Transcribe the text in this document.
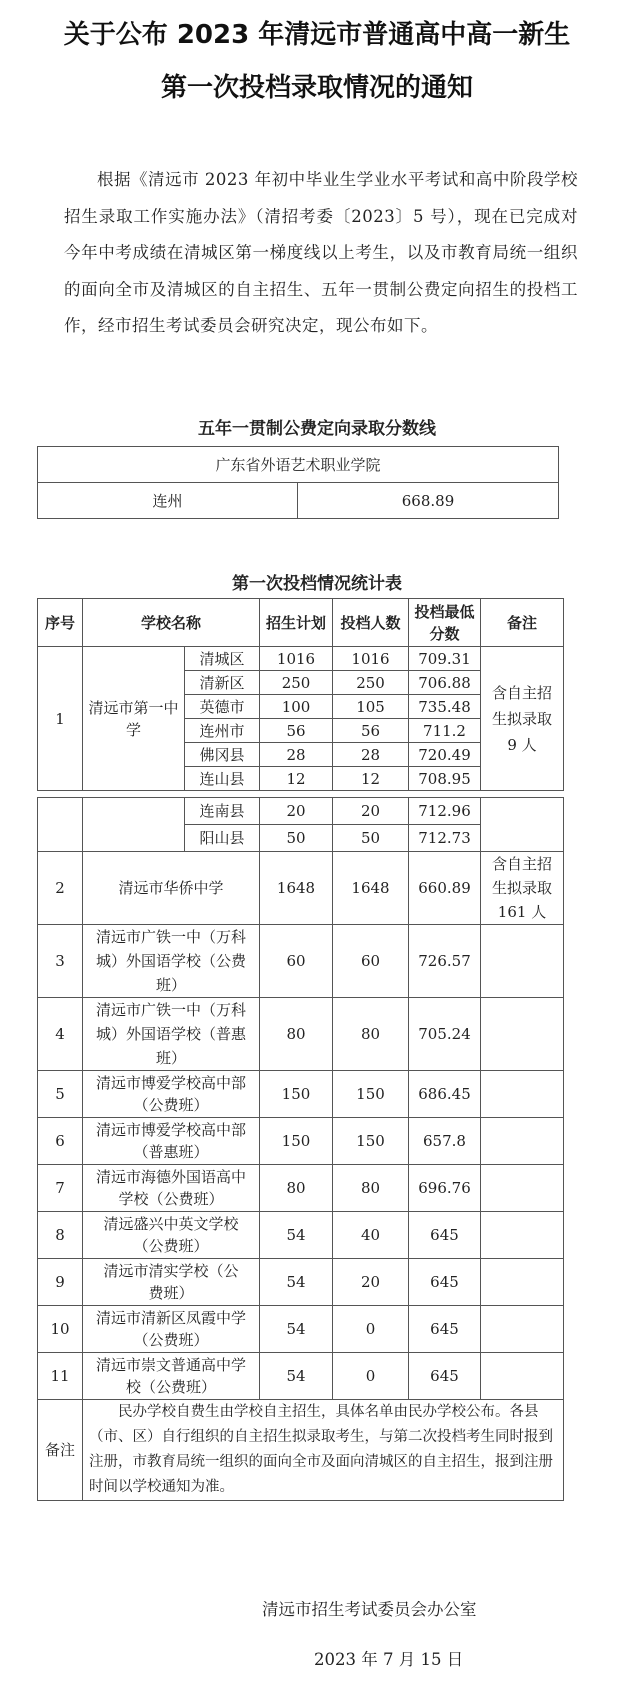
关于公布 2023 年清远市普通高中高一新生
第一次投档录取情况的通知
根据《清远市 2023 年初中毕业生学业水平考试和高中阶段学校招生录取工作实施办法》（清招考委〔2023〕5 号），现在已完成对今年中考成绩在清城区第一梯度线以上考生，以及市教育局统一组织的面向全市及清城区的自主招生、五年一贯制公费定向招生的投档工作，经市招生考试委员会研究决定，现公布如下。
五年一贯制公费定向录取分数线
广东省外语艺术职业学院
连州	668.89
第一次投档情况统计表
序号	学校名称		招生计划	投档人数	投档最低分数	备注
1	清远市第一中学	清城区	1016	1016	709.31	含自主招生拟录取 9 人
		清新区	250	250	706.88	
		英德市	100	105	735.48	
		连州市	56	56	711.2	
		佛冈县	28	28	720.49	
		连山县	12	12	708.95	
		连南县	20	20	712.96	
		阳山县	50	50	712.73	
2	清远市华侨中学		1648	1648	660.89	含自主招生拟录取 161 人
3	清远市广铁一中（万科城）外国语学校（公费班）		60	60	726.57	
4	清远市广铁一中（万科城）外国语学校（普惠班）		80	80	705.24	
5	清远市博爱学校高中部（公费班）		150	150	686.45	
6	清远市博爱学校高中部（普惠班）		150	150	657.8	
7	清远市海德外国语高中学校（公费班）		80	80	696.76	
8	清远盛兴中英文学校（公费班）		54	40	645	
9	清远市清实学校（公费班）		54	20	645	
10	清远市清新区凤霞中学（公费班）		54	0	645	
11	清远市崇文普通高中学校（公费班）		54	0	645	
备注	民办学校自费生由学校自主招生，具体名单由民办学校公布。各县（市、区）自行组织的自主招生拟录取考生，与第二次投档考生同时报到注册，市教育局统一组织的面向全市及面向清城区的自主招生，报到注册时间以学校通知为准。					
清远市招生考试委员会办公室
2023 年 7 月 15 日
